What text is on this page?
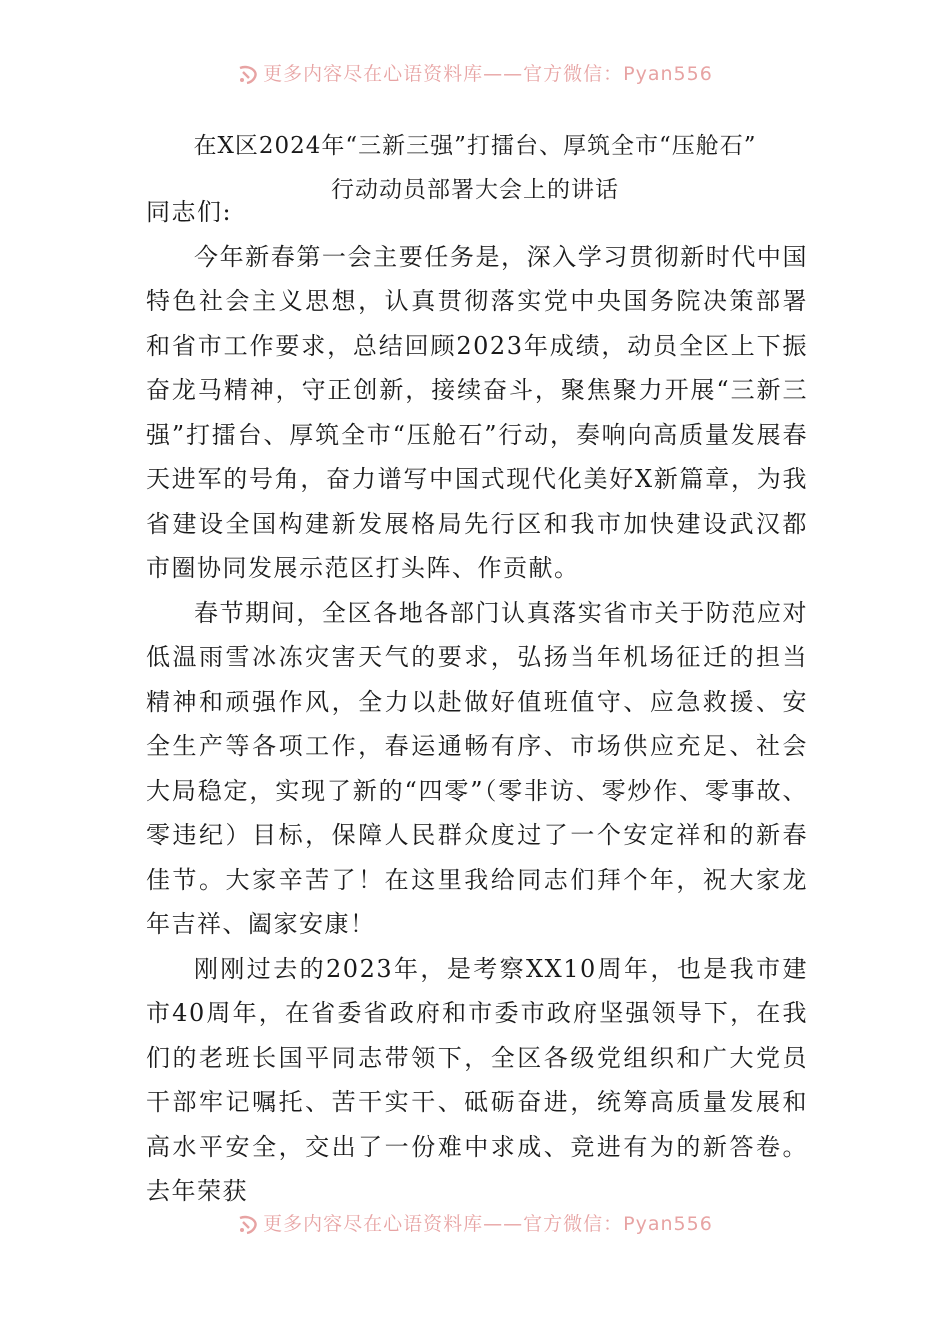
更多内容尽在心语资料库——官方微信：Pyan556
在X区2024年“三新三强”打擂台、厚筑全市“压舱石”
行动动员部署大会上的讲话

同志们:

今年新春第一会主要任务是，深入学习贯彻新时代中国特色社会主义思想，认真贯彻落实党中央国务院决策部署和省市工作要求，总结回顾2023年成绩，动员全区上下振奋龙马精神，守正创新，接续奋斗，聚焦聚力开展“三新三强”打擂台、厚筑全市“压舱石”行动，奏响向高质量发展春天进军的号角，奋力谱写中国式现代化美好X新篇章，为我省建设全国构建新发展格局先行区和我市加快建设武汉都市圈协同发展示范区打头阵、作贡献。

春节期间，全区各地各部门认真落实省市关于防范应对低温雨雪冰冻灾害天气的要求，弘扬当年机场征迁的担当精神和顽强作风，全力以赴做好值班值守、应急救援、安全生产等各项工作，春运通畅有序、市场供应充足、社会大局稳定，实现了新的“四零”（零非访、零炒作、零事故、零违纪）目标，保障人民群众度过了一个安定祥和的新春佳节。大家辛苦了！在这里我给同志们拜个年，祝大家龙年吉祥、阖家安康！

刚刚过去的2023年，是考察XX10周年，也是我市建市40周年，在省委省政府和市委市政府坚强领导下，在我们的老班长国平同志带领下，全区各级党组织和广大党员干部牢记嘱托、苦干实干、砥砺奋进，统筹高质量发展和高水平安全，交出了一份难中求成、竞进有为的新答卷。去年荣获

更多内容尽在心语资料库——官方微信：Pyan556
